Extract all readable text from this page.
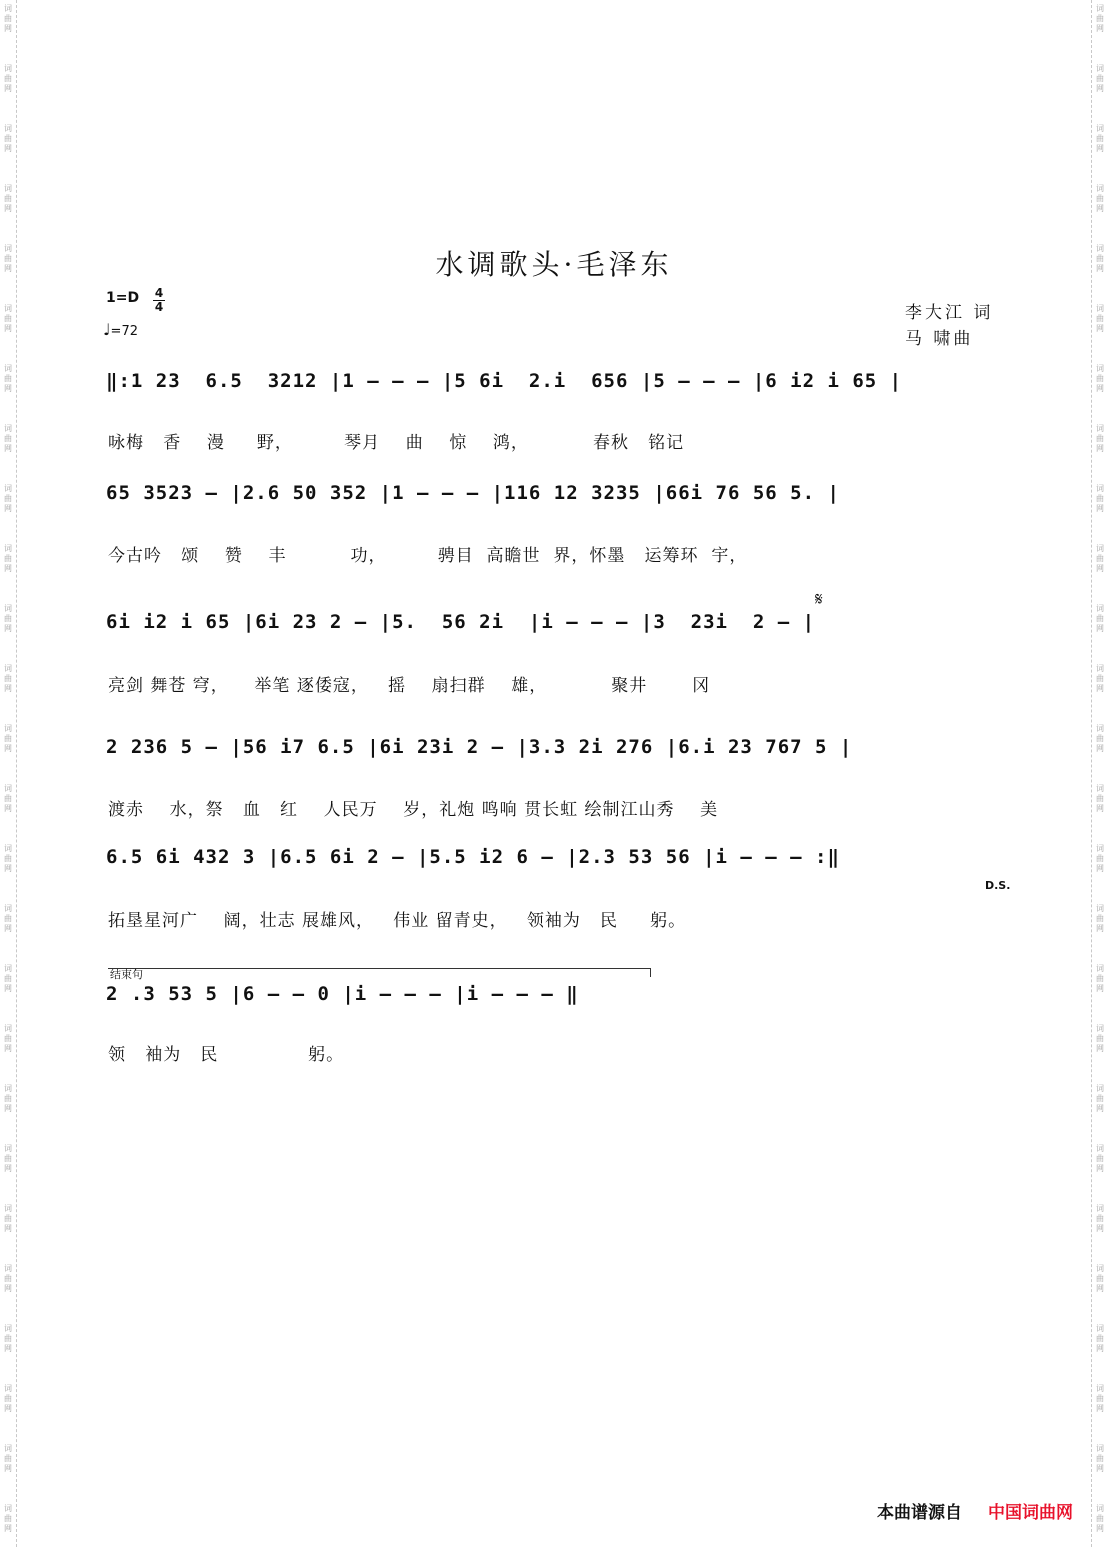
词
曲
网
词
曲
网
词
曲
网
词
曲
网
词
曲
网
词
曲
网
词
曲
网
词
曲
网
词
曲
网
词
曲
网
词
曲
网
词
曲
网
词
曲
网
词
曲
网
词
曲
网
词
曲
网
词
曲
网
词
曲
网
词
曲
网
词
曲
网
词
曲
网
词
曲
网
词
曲
网
词
曲
网
词
曲
网
词
曲
网
词
曲
网
词
曲
网
词
曲
网
词
曲
网
词
曲
网
词
曲
网
词
曲
网
词
曲
网
词
曲
网
词
曲
网
词
曲
网
词
曲
网
词
曲
网
词
曲
网
词
曲
网
词
曲
网
词
曲
网
词
曲
网
词
曲
网
词
曲
网
词
曲
网
词
曲
网
词
曲
网
词
曲
网
词
曲
网
词
曲
网
水调歌头·毛泽东
1=D 4
4
♩=72
李大江 词
马 啸曲
‖:1 23  6.5  3212 |1 — — — |5 6i  2.i  656 |5 — — — |6 i2 i 65 |
咏梅   香    漫     野，        琴月    曲    惊    鸿，          春秋   铭记
65 3523 — |2.6 50 352 |1 — — — |116 12 3235 |66i 76 56 5. |
今古吟   颂    赞    丰          功，        骋目  高瞻世  界，怀墨   运筹环  宇，
𝄋
6i i2 i 65 |6i 23 2 — |5.  56 2i  |i — — — |3  23i  2 — |
亮剑 舞苍 穹，    举笔 逐倭寇，   摇    扇扫群    雄，          聚井       冈
2 236 5 — |56 i7 6.5 |6i 23i 2 — |3.3 2i 276 |6.i 23 767 5 |
渡赤    水，祭   血   红    人民万    岁，礼炮 鸣响 贯长虹 绘制江山秀    美
6.5 6i 432 3 |6.5 6i 2 — |5.5 i2 6 — |2.3 53 56 |i — — — :‖
D.S.
拓垦星河广    阔，壮志 展雄风，   伟业 留青史，   领袖为   民     躬。
结束句
2 .3 53 5 |6 — — 0 |i — — — |i — — — ‖
领   袖为   民              躬。
本曲谱源自 中国词曲网
